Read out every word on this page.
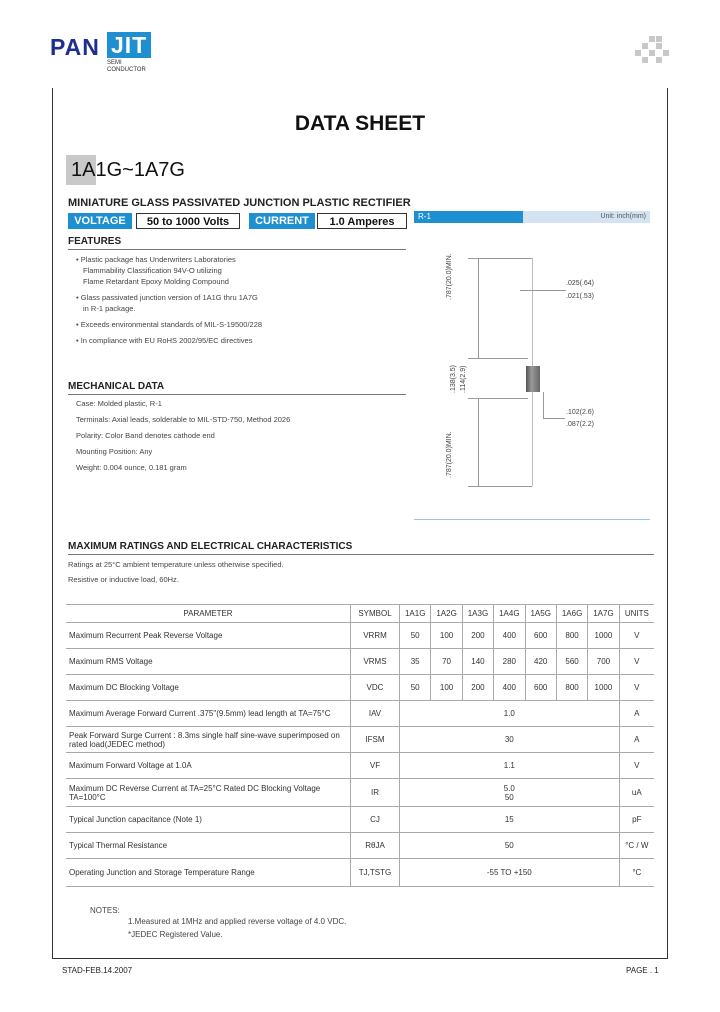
PAN JIT
SEMI
CONDUCTOR
DATA SHEET
1A1G~1A7G
MINIATURE GLASS PASSIVATED JUNCTION PLASTIC RECTIFIER
VOLTAGE	50 to 1000 Volts	CURRENT	1.0 Amperes	R-1	Unit: inch(mm)
FEATURES
• Plastic package has Underwriters Laboratories
Flammability Classification 94V-O utilizing
Flame Retardant Epoxy Molding Compound
• Glass passivated junction version of 1A1G thru 1A7G
in R-1 package.
• Exceeds environmental standards of MIL-S-19500/228
• In compliance with EU RoHS 2002/95/EC directives
MECHANICAL DATA
Case: Molded plastic, R-1
Terminals: Axial leads, solderable to MIL-STD-750, Method 2026
Polarity: Color Band denotes cathode end
Mounting Position: Any
Weight: 0.004 ounce, 0.181 gram
.787(20.0)MIN.
.787(20.0)MIN.
.138(3.5) .114(2.9)
.025(.64)
.021(.53)
.102(2.6)
.087(2.2)
MAXIMUM RATINGS AND ELECTRICAL CHARACTERISTICS
Ratings at 25°C ambient temperature unless otherwise specified.
Resistive or inductive load, 60Hz.
PARAMETER	SYMBOL	1A1G	1A2G	1A3G	1A4G	1A5G	1A6G	1A7G	UNITS
Maximum Recurrent Peak Reverse Voltage	VRRM	50	100	200	400	600	800	1000	V
Maximum RMS Voltage	VRMS	35	70	140	280	420	560	700	V
Maximum DC Blocking Voltage	VDC	50	100	200	400	600	800	1000	V
Maximum Average Forward Current .375"(9.5mm) lead length at TA=75°C	IAV	1.0							A
Peak Forward Surge Current : 8.3ms single half sine-wave superimposed on rated load(JEDEC method)	IFSM	30							A
Maximum Forward Voltage at 1.0A	VF	1.1							V
Maximum DC Reverse Current at TA=25°C Rated DC Blocking Voltage TA=100°C	IR	5.0
50							uA
Typical Junction capacitance (Note 1)	CJ	15							pF
Typical Thermal Resistance	RθJA	50							°C / W
Operating Junction and Storage Temperature Range	TJ,TSTG	-55 TO +150							°C
NOTES:
1.Measured at 1MHz and applied reverse voltage of 4.0 VDC.
*JEDEC Registered Value.
STAD-FEB.14.2007	PAGE . 1
